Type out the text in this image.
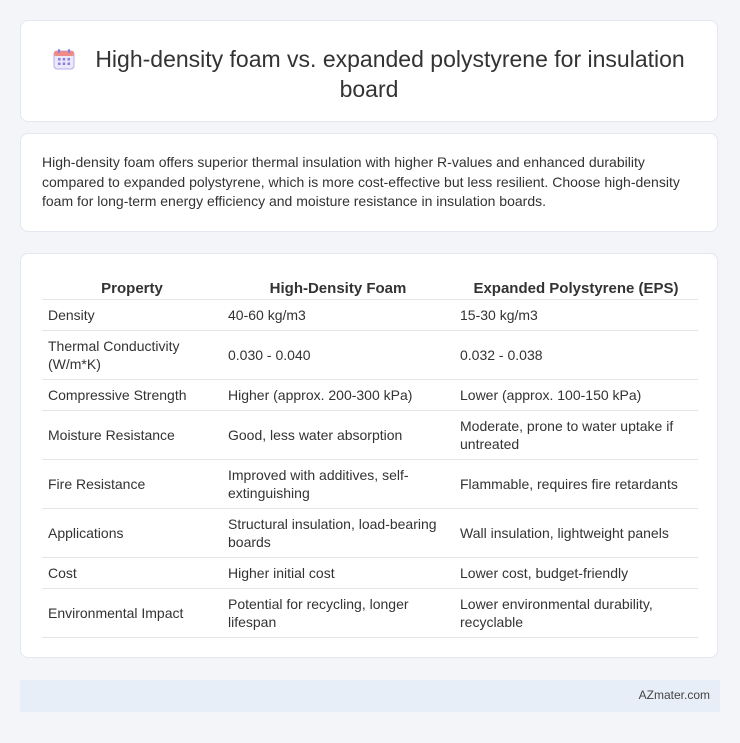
High-density foam vs. expanded polystyrene for insulation board
High-density foam offers superior thermal insulation with higher R-values and enhanced durability compared to expanded polystyrene, which is more cost-effective but less resilient. Choose high-density foam for long-term energy efficiency and moisture resistance in insulation boards.
Property	High-Density Foam	Expanded Polystyrene (EPS)
Density	40-60 kg/m3	15-30 kg/m3
Thermal Conductivity (W/m*K)	0.030 - 0.040	0.032 - 0.038
Compressive Strength	Higher (approx. 200-300 kPa)	Lower (approx. 100-150 kPa)
Moisture Resistance	Good, less water absorption	Moderate, prone to water uptake if untreated
Fire Resistance	Improved with additives, self-extinguishing	Flammable, requires fire retardants
Applications	Structural insulation, load-bearing boards	Wall insulation, lightweight panels
Cost	Higher initial cost	Lower cost, budget-friendly
Environmental Impact	Potential for recycling, longer lifespan	Lower environmental durability, recyclable
AZmater.com
